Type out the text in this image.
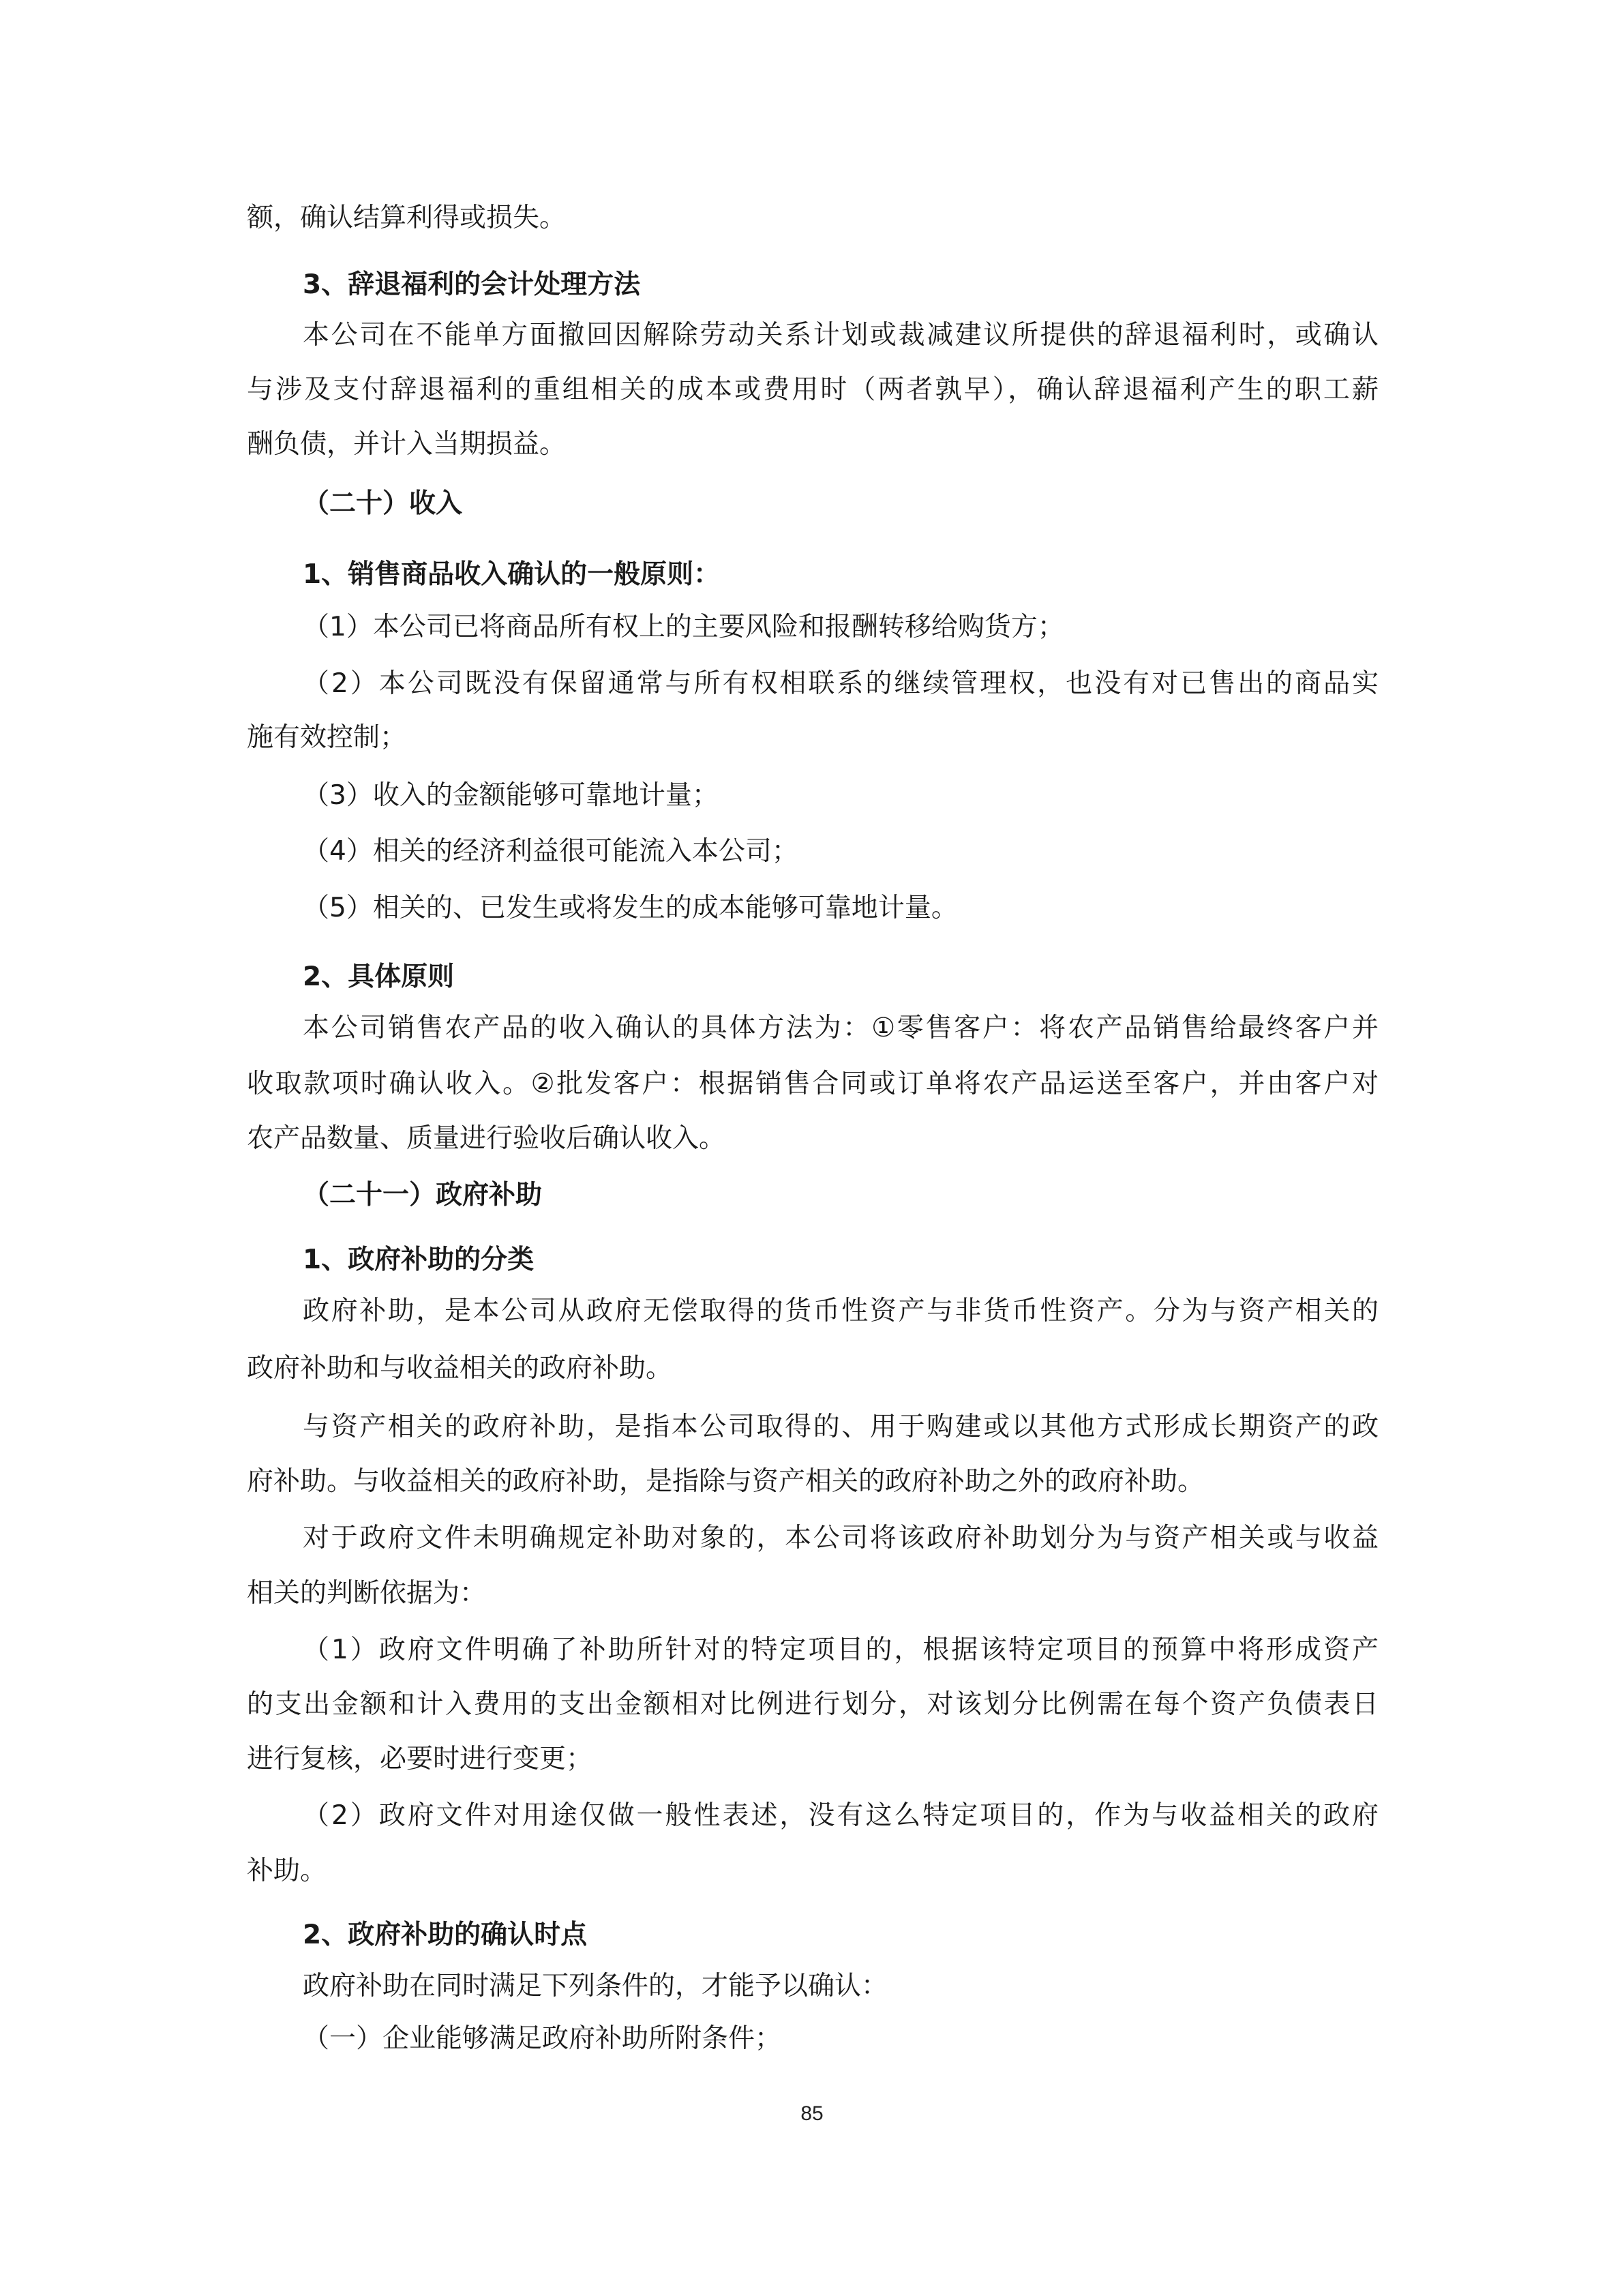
额，确认结算利得或损失。
3、辞退福利的会计处理方法
本公司在不能单方面撤回因解除劳动关系计划或裁减建议所提供的辞退福利时，或确认
与涉及支付辞退福利的重组相关的成本或费用时（两者孰早），确认辞退福利产生的职工薪
酬负债，并计入当期损益。
（二十）收入
1、销售商品收入确认的一般原则：
（1）本公司已将商品所有权上的主要风险和报酬转移给购货方；
（2）本公司既没有保留通常与所有权相联系的继续管理权，也没有对已售出的商品实
施有效控制；
（3）收入的金额能够可靠地计量；
（4）相关的经济利益很可能流入本公司；
（5）相关的、已发生或将发生的成本能够可靠地计量。
2、具体原则
本公司销售农产品的收入确认的具体方法为：①零售客户：将农产品销售给最终客户并
收取款项时确认收入。②批发客户：根据销售合同或订单将农产品运送至客户，并由客户对
农产品数量、质量进行验收后确认收入。
（二十一）政府补助
1、政府补助的分类
政府补助，是本公司从政府无偿取得的货币性资产与非货币性资产。分为与资产相关的
政府补助和与收益相关的政府补助。
与资产相关的政府补助，是指本公司取得的、用于购建或以其他方式形成长期资产的政
府补助。与收益相关的政府补助，是指除与资产相关的政府补助之外的政府补助。
对于政府文件未明确规定补助对象的，本公司将该政府补助划分为与资产相关或与收益
相关的判断依据为：
（1）政府文件明确了补助所针对的特定项目的，根据该特定项目的预算中将形成资产
的支出金额和计入费用的支出金额相对比例进行划分，对该划分比例需在每个资产负债表日
进行复核，必要时进行变更；
（2）政府文件对用途仅做一般性表述，没有这么特定项目的，作为与收益相关的政府
补助。
2、政府补助的确认时点
政府补助在同时满足下列条件的，才能予以确认：
（一）企业能够满足政府补助所附条件；
85
